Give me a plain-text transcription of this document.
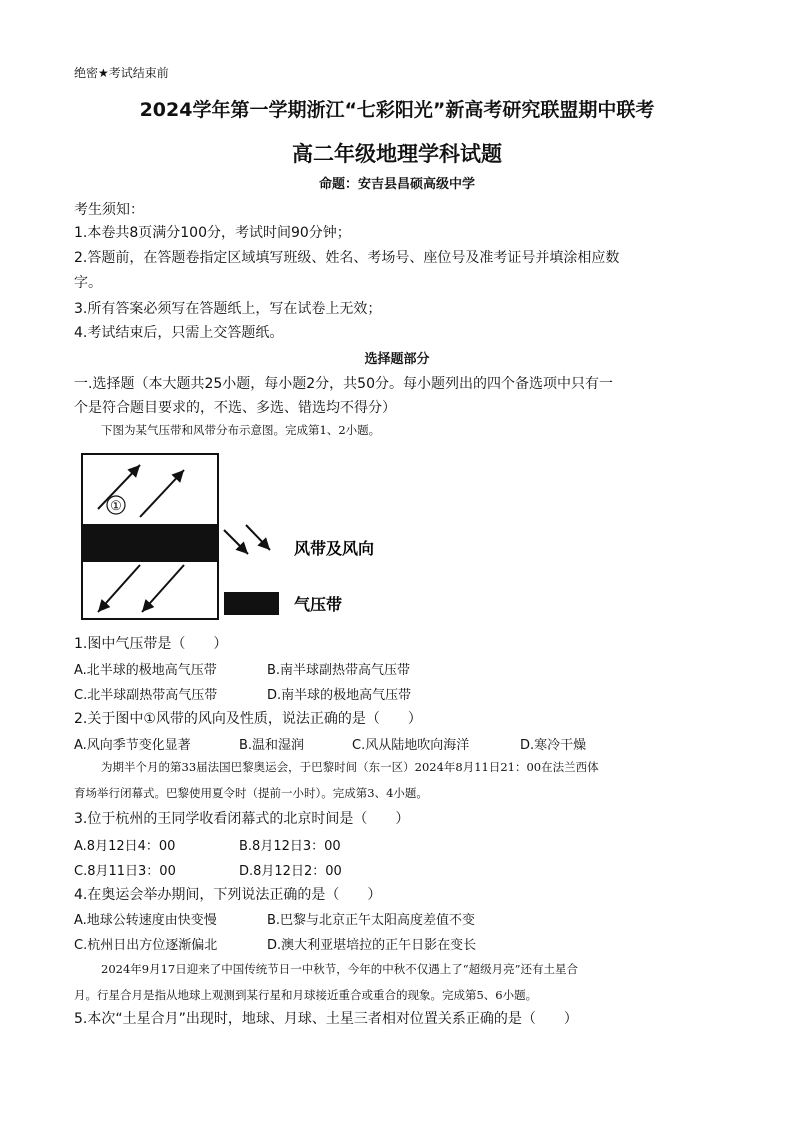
绝密★考试结束前
2024学年第一学期浙江“七彩阳光”新高考研究联盟期中联考
高二年级地理学科试题
命题：安吉县昌硕高级中学
考生须知：
1.本卷共8页满分100分，考试时间90分钟；
2.答题前，在答题卷指定区域填写班级、姓名、考场号、座位号及准考证号并填涂相应数
字。
3.所有答案必须写在答题纸上，写在试卷上无效；
4.考试结束后，只需上交答题纸。
选择题部分
一.选择题（本大题共25小题，每小题2分，共50分。每小题列出的四个备选项中只有一
个是符合题目要求的，不选、多选、错选均不得分）
下图为某气压带和风带分布示意图。完成第1、2小题。
①
风带及风向
气压带
1.图中气压带是（　　）
A.北半球的极地高气压带	B.南半球副热带高气压带
C.北半球副热带高气压带	D.南半球的极地高气压带
2.关于图中①风带的风向及性质，说法正确的是（　　）
A.风向季节变化显著	B.温和湿润	C.风从陆地吹向海洋	D.寒冷干燥
为期半个月的第33届法国巴黎奥运会，于巴黎时间（东一区）2024年8月11日21：00在法兰西体
育场举行闭幕式。巴黎使用夏令时（提前一小时）。完成第3、4小题。
3.位于杭州的王同学收看闭幕式的北京时间是（　　）
A.8月12日4：00	B.8月12日3：00
C.8月11日3：00	D.8月12日2：00
4.在奥运会举办期间，下列说法正确的是（　　）
A.地球公转速度由快变慢	B.巴黎与北京正午太阳高度差值不变
C.杭州日出方位逐渐偏北	D.澳大利亚堪培拉的正午日影在变长
2024年9月17日迎来了中国传统节日一中秋节，今年的中秋不仅遇上了“超级月亮”还有土星合
月。行星合月是指从地球上观测到某行星和月球接近重合或重合的现象。完成第5、6小题。
5.本次“土星合月”出现时，地球、月球、土星三者相对位置关系正确的是（　　）
